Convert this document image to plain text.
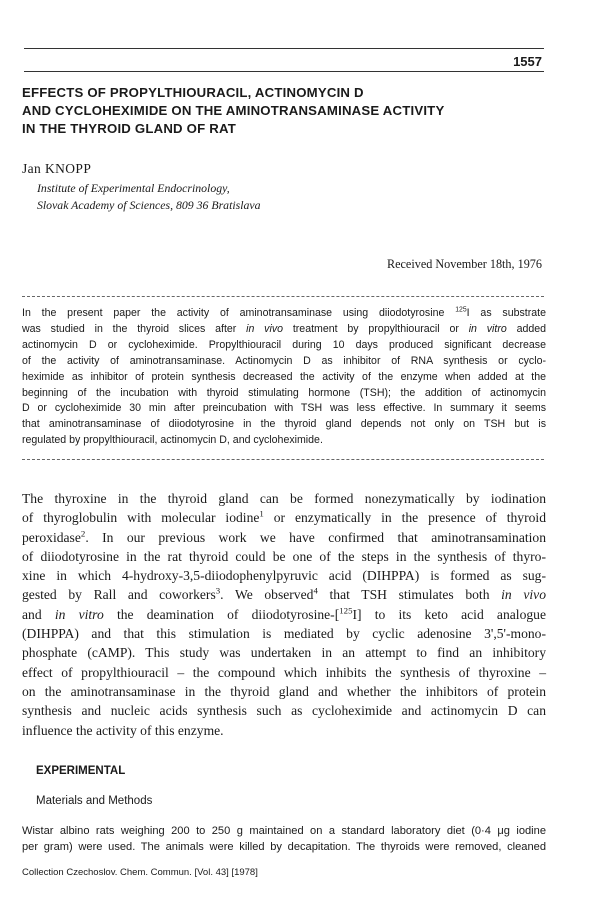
1557
EFFECTS OF PROPYLTHIOURACIL, ACTINOMYCIN D
AND CYCLOHEXIMIDE ON THE AMINOTRANSAMINASE ACTIVITY
IN THE THYROID GLAND OF RAT
Jan KNOPP
Institute of Experimental Endocrinology,
Slovak Academy of Sciences, 809 36 Bratislava
Received November 18th, 1976
In the present paper the activity of aminotransaminase using diiodotyrosine $^{125}$I as substrate
was studied in the thyroid slices after in vivo treatment by propylthiouracil or in vitro added
actinomycin D or cycloheximide. Propylthiouracil during 10 days produced significant decrease
of the activity of aminotransaminase. Actinomycin D as inhibitor of RNA synthesis or cyclo-
heximide as inhibitor of protein synthesis decreased the activity of the enzyme when added at the
beginning of the incubation with thyroid stimulating hormone (TSH); the addition of actinomycin
D or cycloheximide 30 min after preincubation with TSH was less effective. In summary it seems
that aminotransaminase of diiodotyrosine in the thyroid gland depends not only on TSH but is
regulated by propylthiouracil, actinomycin D, and cycloheximide.
The thyroxine in the thyroid gland can be formed nonezymatically by iodination
of thyroglobulin with molecular iodine$^1$ or enzymatically in the presence of thyroid
peroxidase$^2$. In our previous work we have confirmed that aminotransamination
of diiodotyrosine in the rat thyroid could be one of the steps in the synthesis of thyro-
xine in which 4-hydroxy-3,5-diiodophenylpyruvic acid (DIHPPA) is formed as sug-
gested by Rall and coworkers$^3$. We observed$^4$ that TSH stimulates both in vivo
and in vitro the deamination of diiodotyrosine-[$^{125}$I] to its keto acid analogue
(DIHPPA) and that this stimulation is mediated by cyclic adenosine 3',5'-mono-
phosphate (cAMP). This study was undertaken in an attempt to find an inhibitory
effect of propylthiouracil – the compound which inhibits the synthesis of thyroxine –
on the aminotransaminase in the thyroid gland and whether the inhibitors of protein
synthesis and nucleic acids synthesis such as cycloheximide and actinomycin D can
influence the activity of this enzyme.
EXPERIMENTAL
Materials and Methods
Wistar albino rats weighing 200 to 250 g maintained on a standard laboratory diet (0·4 μg iodine
per gram) were used. The animals were killed by decapitation. The thyroids were removed, cleaned
Collection Czechoslov. Chem. Commun. [Vol. 43] [1978]
